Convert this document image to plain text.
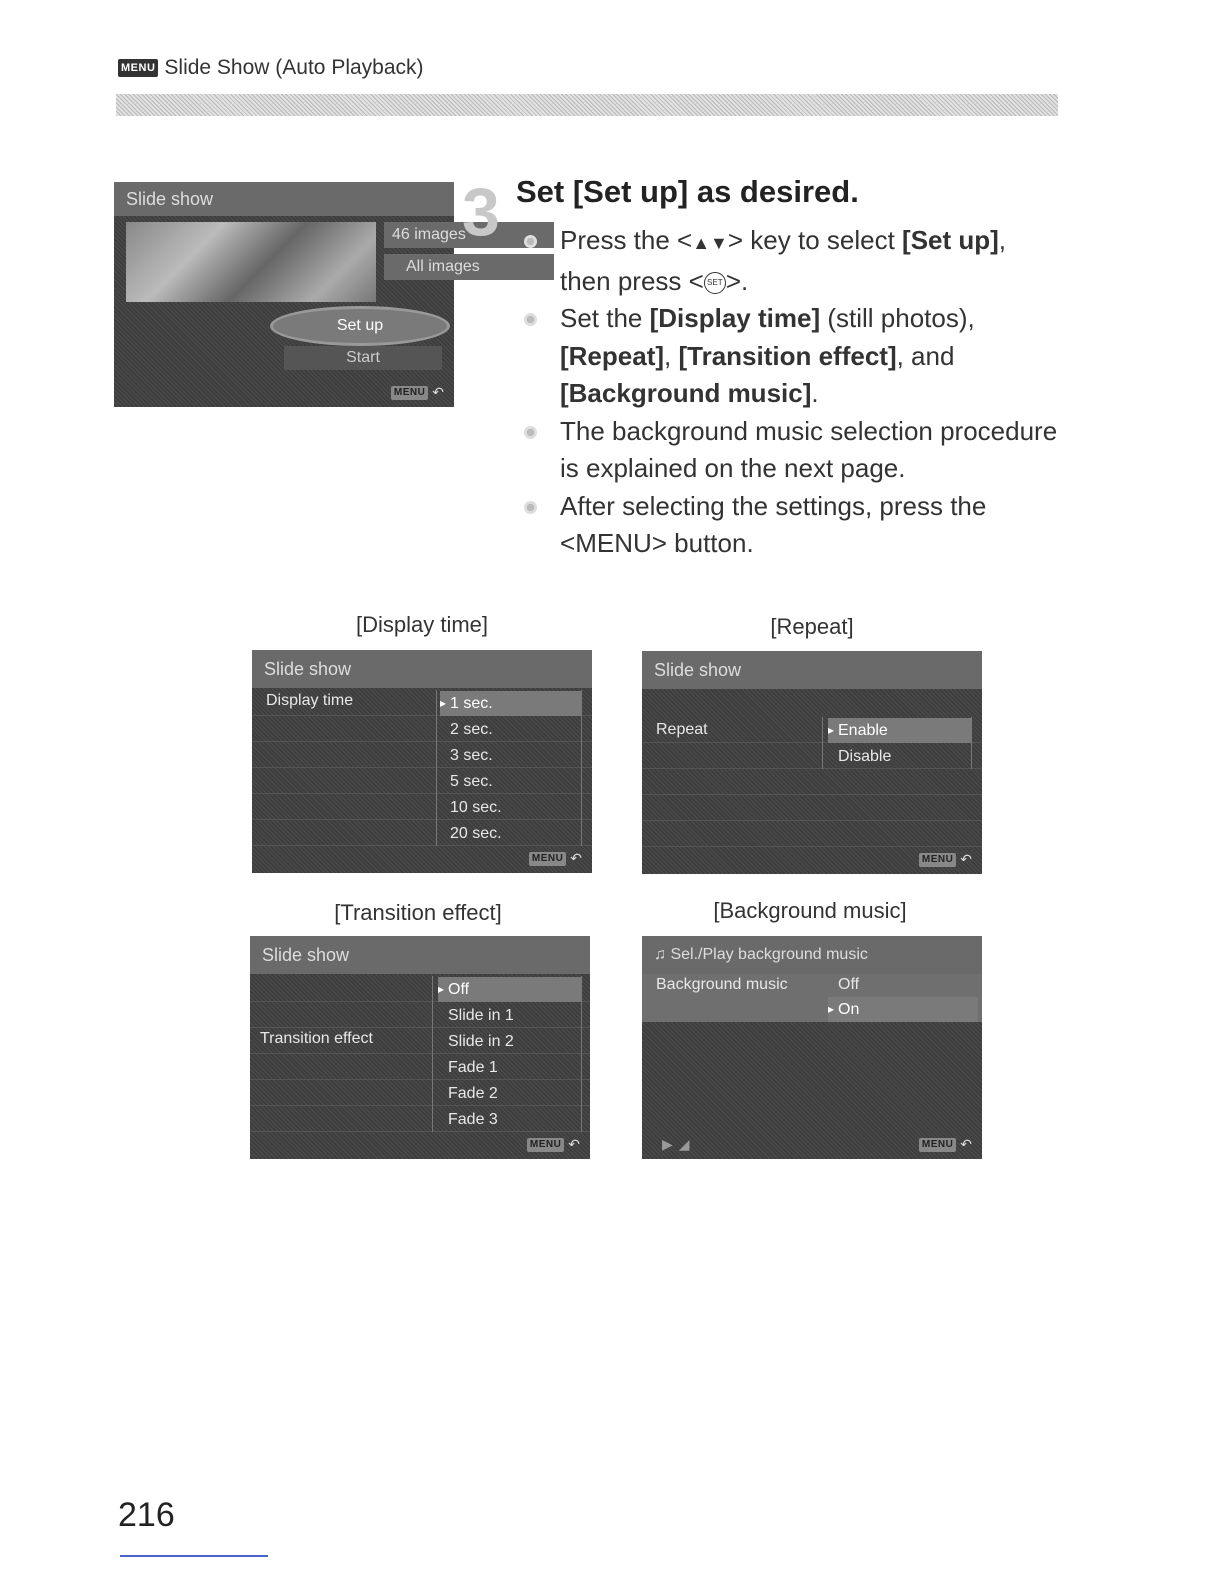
MENU Slide Show (Auto Playback)
Slide show
46 images
All images
Set up
Start
MENU ↶
3 Set [Set up] as desired.
Press the <▲▼> key to select [Set up], then press < SET >.
Set the [Display time] (still photos), [Repeat], [Transition effect], and [Background music].
The background music selection procedure is explained on the next page.
After selecting the settings, press the <MENU> button.
[Display time]	[Repeat]
[Transition effect]	[Background music]
Slide show
Display time	▸ 1 sec.
2 sec.
3 sec.
5 sec.
10 sec.
20 sec.
MENU ↶
Slide show
Repeat	▸ Enable
Disable
MENU ↶
Slide show
Transition effect
▸ Off
Slide in 1
Slide in 2
Fade 1
Fade 2
Fade 3
MENU ↶
♫ Sel./Play background music
Background music	Off
▸ On
▶◢	MENU ↶
216
